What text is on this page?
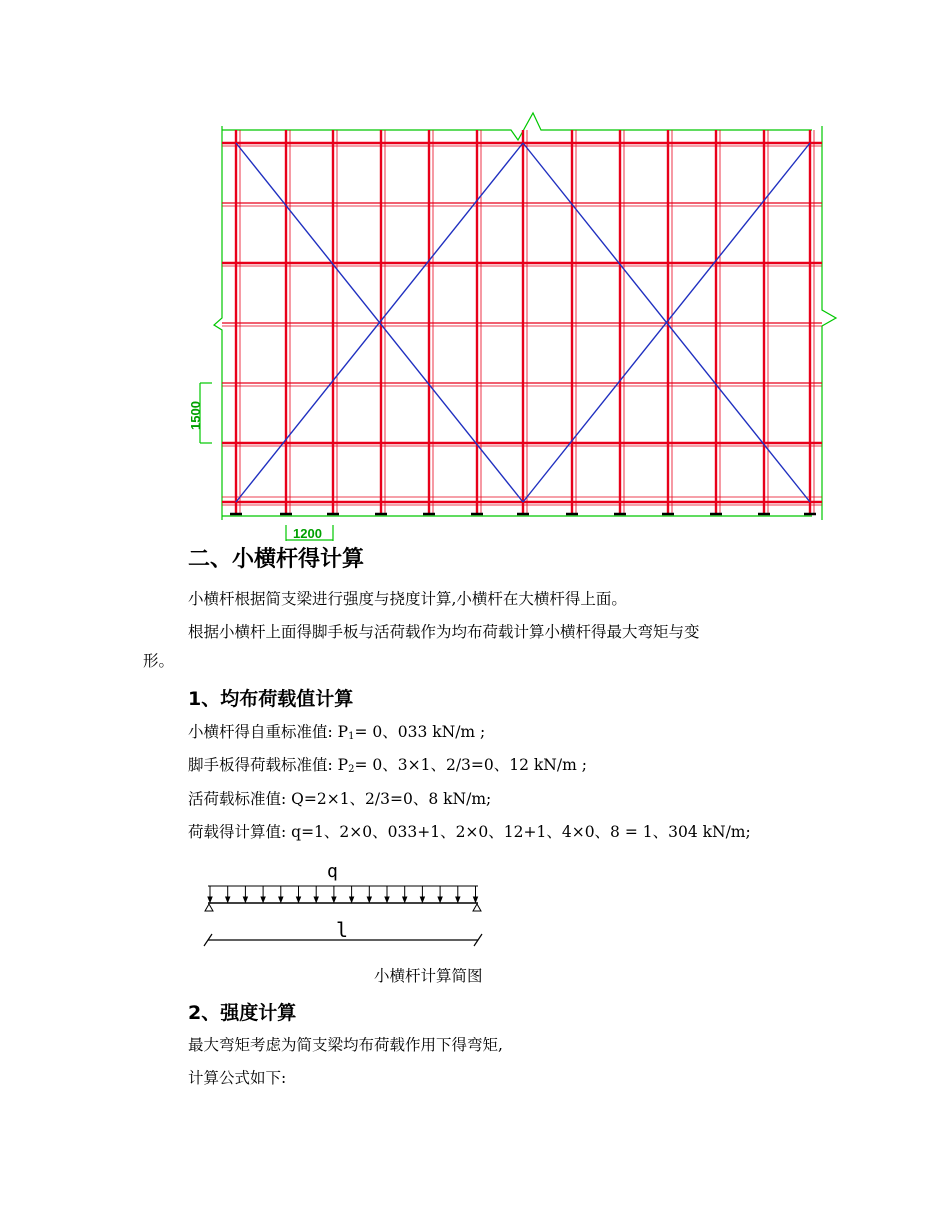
1500
1200
二、小横杆得计算
小横杆根据简支梁进行强度与挠度计算,小横杆在大横杆得上面。
根据小横杆上面得脚手板与活荷载作为均布荷载计算小横杆得最大弯矩与变
形。
1、均布荷载值计算
小横杆得自重标准值: $P_1= 0$、033 kN/m ;
脚手板得荷载标准值: $P_2= 0$、3×1、2/3=0、12 kN/m ;
活荷载标准值: Q=2×1、2/3=0、8 kN/m;
荷载得计算值: q=1、2×0、033+1、2×0、12+1、4×0、8 = 1、304 kN/m;
q
l
小横杆计算简图
2、强度计算
最大弯矩考虑为简支梁均布荷载作用下得弯矩,
计算公式如下:
